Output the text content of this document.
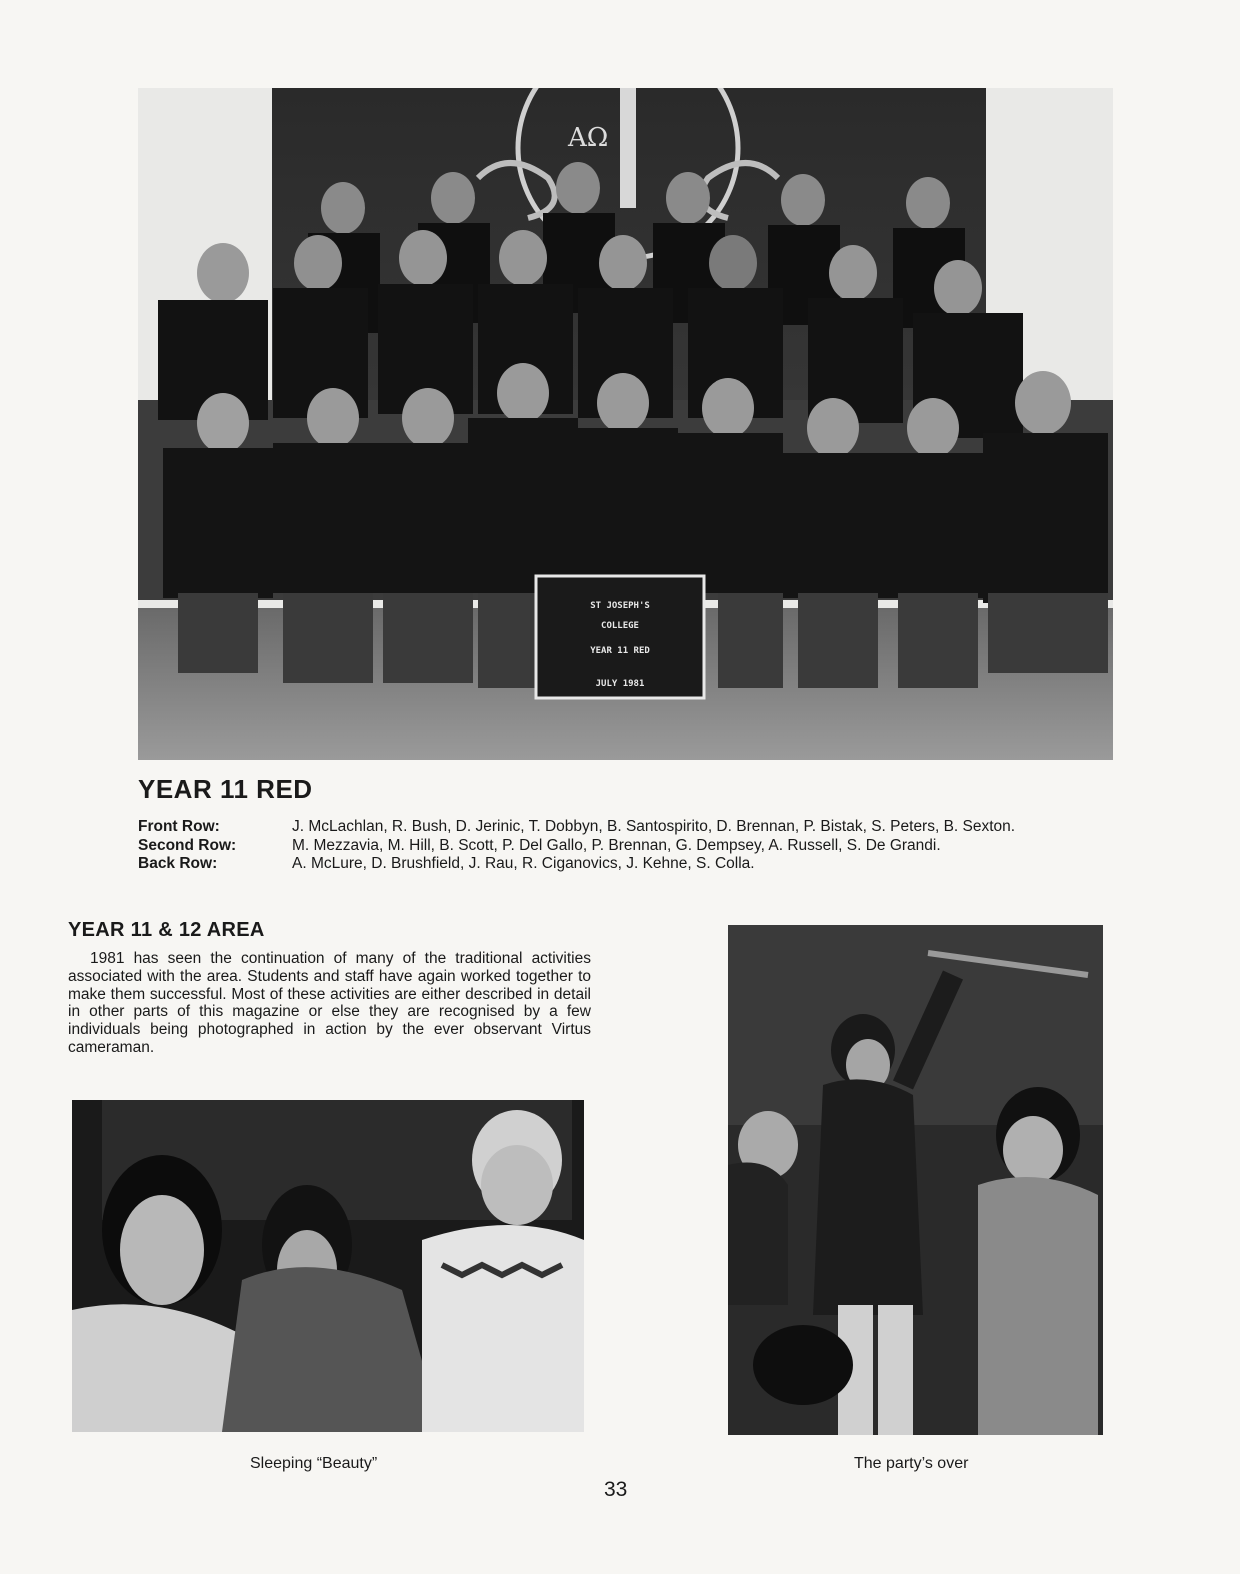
AΩ
ST JOSEPH'S
COLLEGE
YEAR 11 RED
JULY 1981
YEAR 11 RED
Front Row:	J. McLachlan, R. Bush, D. Jerinic, T. Dobbyn, B. Santospirito, D. Brennan, P. Bistak, S. Peters, B. Sexton.
Second Row:	M. Mezzavia, M. Hill, B. Scott, P. Del Gallo, P. Brennan, G. Dempsey, A. Russell, S. De Grandi.
Back Row:	A. McLure, D. Brushfield, J. Rau, R. Ciganovics, J. Kehne, S. Colla.
YEAR 11 & 12 AREA

1981 has seen the continuation of many of the traditional activities associated with the area. Students and staff have again worked together to make them successful. Most of these activities are either described in detail in other parts of this magazine or else they are recognised by a few individuals being photographed in action by the ever observant Virtus cameraman.

Sleeping “Beauty”	The party’s over

33
